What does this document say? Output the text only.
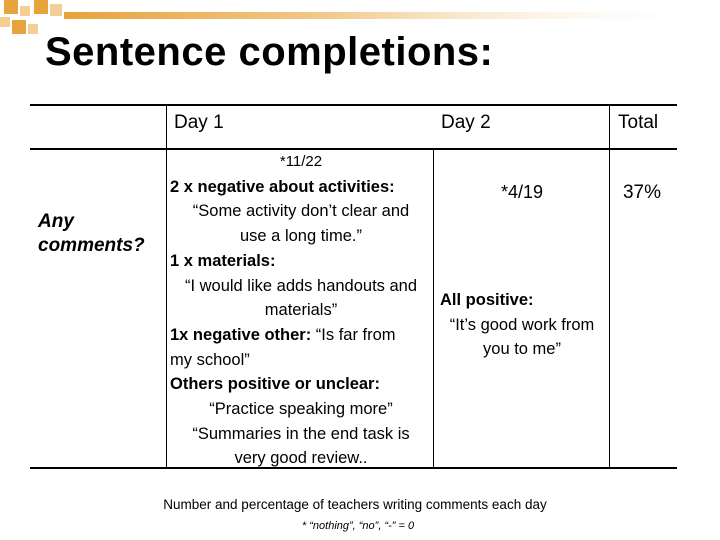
Sentence completions:
Day 1	Day 2	Total
Any comments?
*11/22
2 x negative about activities:
“Some activity don’t clear and
use a long time.”
1 x materials:
“I would like adds handouts and
materials”
1x negative other: “Is far from
my school”
Others positive or unclear:
“Practice speaking more”
“Summaries in the end task is
very good review..
*4/19
All positive:
“It’s good work from
you to me”
37%
Number and percentage of teachers writing comments each day
* “nothing”, “no”, “-” = 0
